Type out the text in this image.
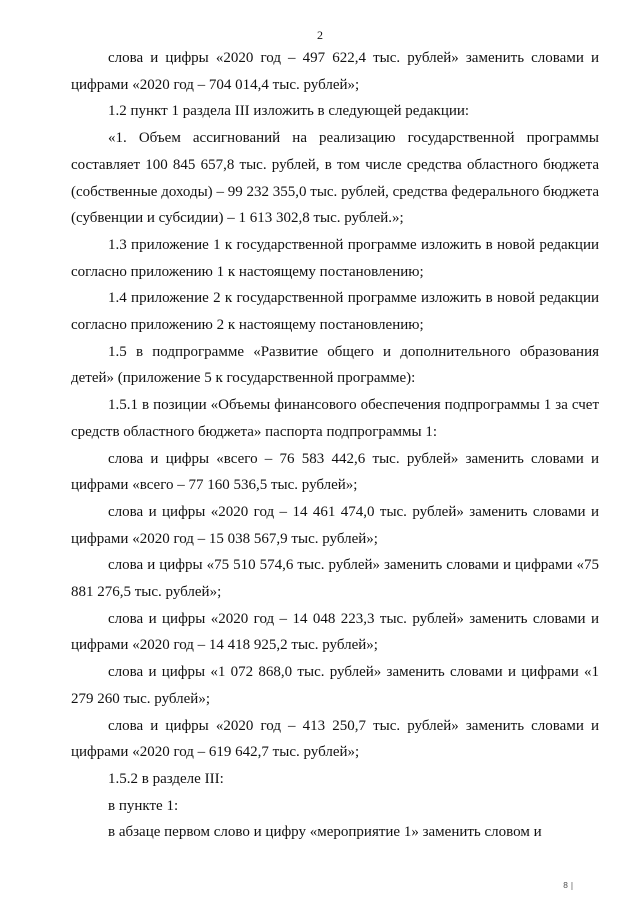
2

слова и цифры «2020 год – 497 622,4 тыс. рублей» заменить словами и цифрами «2020 год – 704 014,4 тыс. рублей»;

1.2 пункт 1 раздела III изложить в следующей редакции:

«1. Объем ассигнований на реализацию государственной программы составляет 100 845 657,8 тыс. рублей, в том числе средства областного бюджета (собственные доходы) – 99 232 355,0 тыс. рублей, средства федерального бюджета (субвенции и субсидии) – 1 613 302,8 тыс. рублей.»;

1.3 приложение 1 к государственной программе изложить в новой редакции согласно приложению 1 к настоящему постановлению;

1.4 приложение 2 к государственной программе изложить в новой редакции согласно приложению 2 к настоящему постановлению;

1.5 в подпрограмме «Развитие общего и дополнительного образования детей» (приложение 5 к государственной программе):

1.5.1 в позиции «Объемы финансового обеспечения подпрограммы 1 за счет средств областного бюджета» паспорта подпрограммы 1:

слова и цифры «всего – 76 583 442,6 тыс. рублей» заменить словами и цифрами «всего – 77 160 536,5 тыс. рублей»;

слова и цифры «2020 год – 14 461 474,0 тыс. рублей» заменить словами и цифрами «2020 год – 15 038 567,9 тыс. рублей»;

слова и цифры «75 510 574,6 тыс. рублей» заменить словами и цифрами «75 881 276,5 тыс. рублей»;

слова и цифры «2020 год – 14 048 223,3 тыс. рублей» заменить словами и цифрами «2020 год – 14 418 925,2 тыс. рублей»;

слова и цифры «1 072 868,0 тыс. рублей» заменить словами и цифрами «1 279 260 тыс. рублей»;

слова и цифры «2020 год – 413 250,7 тыс. рублей» заменить словами и цифрами «2020 год – 619 642,7 тыс. рублей»;

1.5.2 в разделе III:

в пункте 1:

в абзаце первом слово и цифру «мероприятие 1» заменить словом и

8 |
